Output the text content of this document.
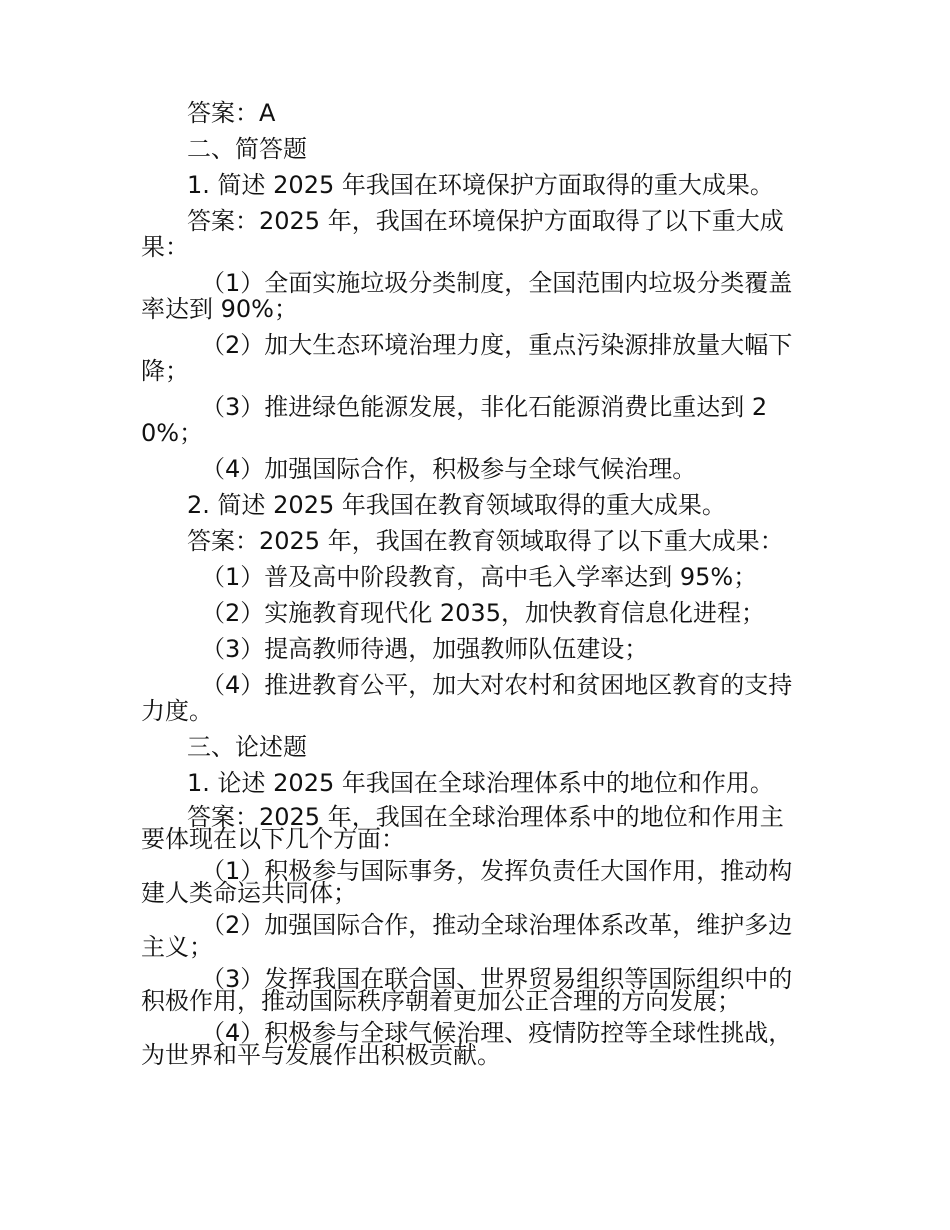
答案：A

二、简答题

1. 简述 2025 年我国在环境保护方面取得的重大成果。

答案：2025 年，我国在环境保护方面取得了以下重大成果：

（1）全面实施垃圾分类制度，全国范围内垃圾分类覆盖率达到 90%；

（2）加大生态环境治理力度，重点污染源排放量大幅下降；

（3）推进绿色能源发展，非化石能源消费比重达到 20%；

（4）加强国际合作，积极参与全球气候治理。

2. 简述 2025 年我国在教育领域取得的重大成果。

答案：2025 年，我国在教育领域取得了以下重大成果：

（1）普及高中阶段教育，高中毛入学率达到 95%；

（2）实施教育现代化 2035，加快教育信息化进程；

（3）提高教师待遇，加强教师队伍建设；

（4）推进教育公平，加大对农村和贫困地区教育的支持力度。

三、论述题

1. 论述 2025 年我国在全球治理体系中的地位和作用。

答案：2025 年，我国在全球治理体系中的地位和作用主要体现在以下几个方面：

（1）积极参与国际事务，发挥负责任大国作用，推动构建人类命运共同体；

（2）加强国际合作，推动全球治理体系改革，维护多边主义；

（3）发挥我国在联合国、世界贸易组织等国际组织中的积极作用，推动国际秩序朝着更加公正合理的方向发展；

（4）积极参与全球气候治理、疫情防控等全球性挑战，为世界和平与发展作出积极贡献。
